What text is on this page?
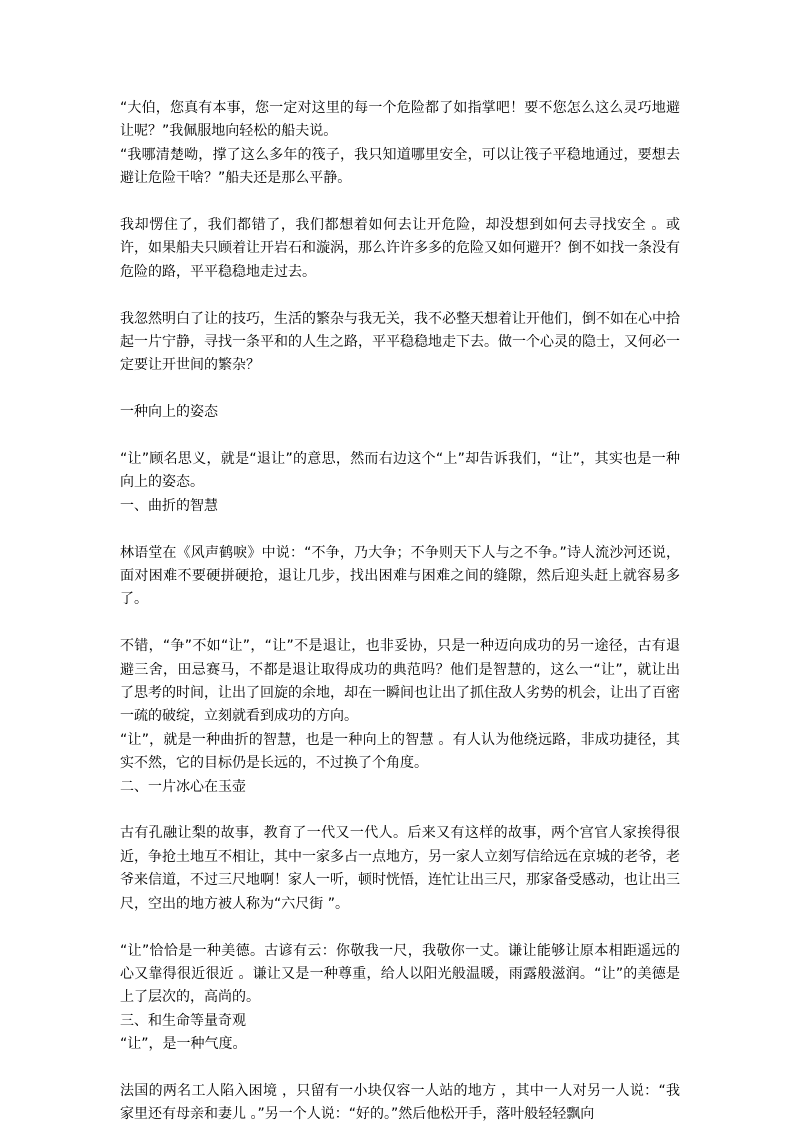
“大伯，您真有本事，您一定对这里的每一个危险都了如指掌吧！要不您怎么这么灵巧地避让呢？”我佩服地向轻松的船夫说。

“我哪清楚呦，撑了这么多年的筏子，我只知道哪里安全，可以让筏子平稳地通过，要想去避让危险干啥？”船夫还是那么平静。

我却愣住了，我们都错了，我们都想着如何去让开危险，却没想到如何去寻找安全 。或许，如果船夫只顾着让开岩石和漩涡，那么许许多多的危险又如何避开？倒不如找一条没有危险的路，平平稳稳地走过去。

我忽然明白了让的技巧，生活的繁杂与我无关，我不必整天想着让开他们，倒不如在心中拾起一片宁静，寻找一条平和的人生之路，平平稳稳地走下去。做一个心灵的隐士，又何必一定要让开世间的繁杂？

一种向上的姿态

“让”顾名思义，就是“退让”的意思，然而右边这个“上”却告诉我们，“让”，其实也是一种向上的姿态。

一、曲折的智慧

林语堂在《风声鹤唳》中说：“不争，乃大争；不争则天下人与之不争。”诗人流沙河还说，面对困难不要硬拼硬抢，退让几步，找出困难与困难之间的缝隙，然后迎头赶上就容易多了。

不错，“争”不如“让”，“让”不是退让，也非妥协，只是一种迈向成功的另一途径，古有退避三舍，田忌赛马，不都是退让取得成功的典范吗？他们是智慧的，这么一“让”，就让出了思考的时间，让出了回旋的余地，却在一瞬间也让出了抓住敌人劣势的机会，让出了百密一疏的破绽，立刻就看到成功的方向。

“让”，就是一种曲折的智慧，也是一种向上的智慧 。有人认为他绕远路，非成功捷径，其实不然，它的目标仍是长远的，不过换了个角度。

二、一片冰心在玉壶

古有孔融让梨的故事，教育了一代又一代人。后来又有这样的故事，两个宫官人家挨得很近，争抢土地互不相让，其中一家多占一点地方，另一家人立刻写信给远在京城的老爷，老爷来信道，不过三尺地啊！家人一听，顿时恍悟，连忙让出三尺，那家备受感动，也让出三尺，空出的地方被人称为“六尺街 ”。

“让”恰恰是一种美德。古谚有云：你敬我一尺，我敬你一丈。谦让能够让原本相距遥远的心又靠得很近很近 。谦让又是一种尊重，给人以阳光般温暖，雨露般滋润。“让”的美德是上了层次的，高尚的。

三、和生命等量奇观

“让”，是一种气度。

法国的两名工人陷入困境 ，只留有一小块仅容一人站的地方 ，其中一人对另一人说：“我家里还有母亲和妻儿 。”另一个人说：“好的。”然后他松开手，落叶般轻轻飘向
